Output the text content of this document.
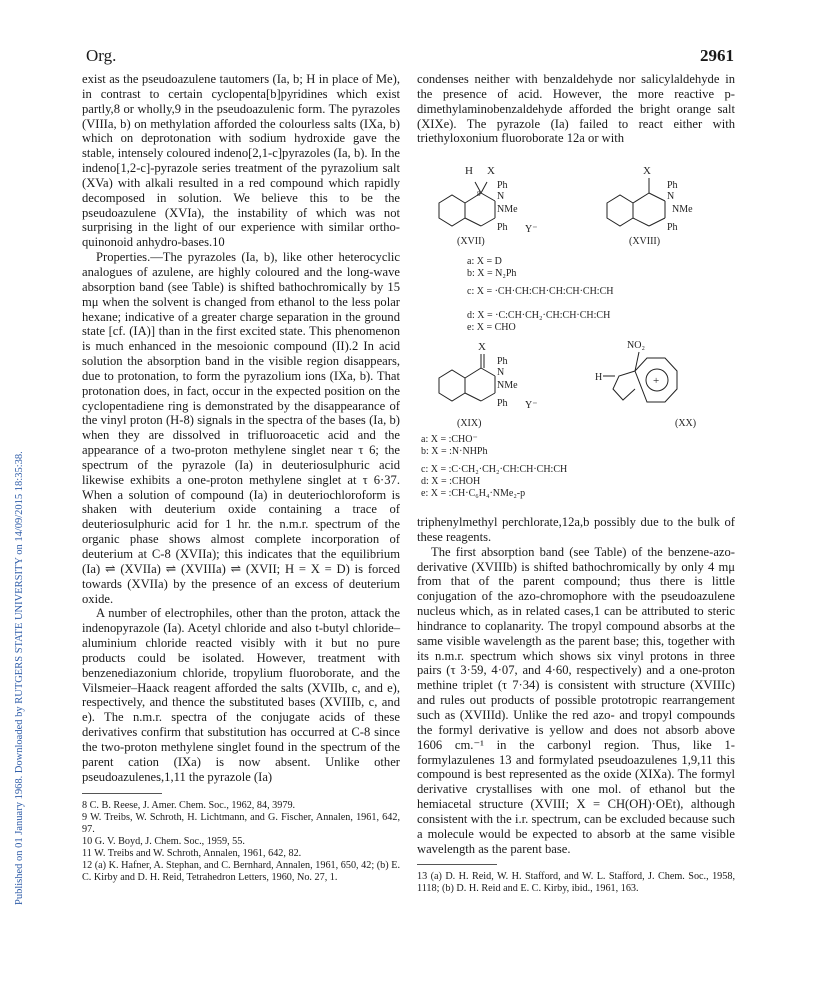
Org.	2961
Published on 01 January 1968. Downloaded by RUTGERS STATE UNIVERSITY on 14/09/2015 18:35:38.

exist as the pseudoazulene tautomers (Ia, b; H in place of Me), in contrast to certain cyclopenta[b]pyridines which exist partly,8 or wholly,9 in the pseudoazulenic form. The pyrazoles (VIIIa, b) on methylation afforded the colourless salts (IXa, b) which on deprotonation with sodium hydroxide gave the stable, intensely coloured indeno[2,1-c]pyrazoles (Ia, b). In the indeno[1,2-c]-pyrazole series treatment of the pyrazolium salt (XVa) with alkali resulted in a red compound which rapidly decomposed in solution. We believe this to be the pseudoazulene (XVIa), the instability of which was not surprising in the light of our experience with similar ortho-quinonoid anhydro-bases.10

Properties.—The pyrazoles (Ia, b), like other heterocyclic analogues of azulene, are highly coloured and the long-wave absorption band (see Table) is shifted bathochromically by 15 mμ when the solvent is changed from ethanol to the less polar hexane; indicative of a greater charge separation in the ground state [cf. (IA)] than in the first excited state. This phenomenon is much enhanced in the mesoionic compound (II).2 In acid solution the absorption band in the visible region disappears, due to protonation, to form the pyrazolium ions (IXa, b). That protonation does, in fact, occur in the expected position on the cyclopentadiene ring is demonstrated by the disappearance of the vinyl proton (H-8) signals in the spectra of the bases (Ia, b) when they are dissolved in trifluoroacetic acid and the appearance of a two-proton methylene singlet near τ 6; the spectrum of the pyrazole (Ia) in deuteriosulphuric acid likewise exhibits a one-proton methylene singlet at τ 6·37. When a solution of compound (Ia) in deuteriochloroform is shaken with deuterium oxide containing a trace of deuteriosulphuric acid for 1 hr. the n.m.r. spectrum of the organic phase shows almost complete incorporation of deuterium at C-8 (XVIIa); this indicates that the equilibrium (Ia) ⇌ (XVIIa) ⇌ (XVIIIa) ⇌ (XVII; H = X = D) is forced towards (XVIIa) by the presence of an excess of deuterium oxide.

A number of electrophiles, other than the proton, attack the indenopyrazole (Ia). Acetyl chloride and also t-butyl chloride–aluminium chloride reacted visibly with it but no pure products could be isolated. However, treatment with benzenediazonium chloride, tropylium fluoroborate, and the Vilsmeier–Haack reagent afforded the salts (XVIIb, c, and e), respectively, and thence the substituted bases (XVIIIb, c, and e). The n.m.r. spectra of the conjugate acids of these derivatives confirm that substitution has occurred at C-8 since the two-proton methylene singlet found in the spectrum of the parent cation (IXa) is now absent. Unlike other pseudoazulenes,1,11 the pyrazole (Ia)

8 C. B. Reese, J. Amer. Chem. Soc., 1962, 84, 3979.
9 W. Treibs, W. Schroth, H. Lichtmann, and G. Fischer, Annalen, 1961, 642, 97.
10 G. V. Boyd, J. Chem. Soc., 1959, 55.
11 W. Treibs and W. Schroth, Annalen, 1961, 642, 82.
12 (a) K. Hafner, A. Stephan, and C. Bernhard, Annalen, 1961, 650, 42; (b) E. C. Kirby and D. H. Reid, Tetrahedron Letters, 1960, No. 27, 1.

condenses neither with benzaldehyde nor salicylaldehyde in the presence of acid. However, the more reactive p-dimethylaminobenzaldehyde afforded the bright orange salt (XIXe). The pyrazole (Ia) failed to react either with triethyloxonium fluoroborate 12a or with

+
H X
8
Ph
N
NMe
Ph Y⁻
(XVII)
X
Ph
N
NMe
Ph
(XVIII)
a: X = D
b: X = N₂Ph
c: X = ·CH·CH:CH·CH:CH·CH:CH
d: X = ·C:CH·CH₂·CH:CH·CH:CH
e: X = CHO
X
Ph
N
NMe
Ph Y⁻
(XIX)
NO₂
H
(XX)
a: X = :CHO⁻
b: X = :N·NHPh
c: X = :C·CH₂·CH₂·CH:CH·CH:CH
d: X = :CHOH
e: X = :CH·C₆H₄·NMe₂-p

triphenylmethyl perchlorate,12a,b possibly due to the bulk of these reagents.

The first absorption band (see Table) of the benzene-azo-derivative (XVIIIb) is shifted bathochromically by only 4 mμ from that of the parent compound; thus there is little conjugation of the azo-chromophore with the pseudoazulene nucleus which, as in related cases,1 can be attributed to steric hindrance to coplanarity. The tropyl compound absorbs at the same visible wavelength as the parent base; this, together with its n.m.r. spectrum which shows six vinyl protons in three pairs (τ 3·59, 4·07, and 4·60, respectively) and a one-proton methine triplet (τ 7·34) is consistent with structure (XVIIIc) and rules out products of possible prototropic rearrangement such as (XVIIId). Unlike the red azo- and tropyl compounds the formyl derivative is yellow and does not absorb above 1606 cm.⁻¹ in the carbonyl region. Thus, like 1-formylazulenes 13 and formylated pseudoazulenes 1,9,11 this compound is best represented as the oxide (XIXa). The formyl derivative crystallises with one mol. of ethanol but the hemiacetal structure (XVIII; X = CH(OH)·OEt), although consistent with the i.r. spectrum, can be excluded because such a molecule would be expected to absorb at the same visible wavelength as the parent base.

13 (a) D. H. Reid, W. H. Stafford, and W. L. Stafford, J. Chem. Soc., 1958, 1118; (b) D. H. Reid and E. C. Kirby, ibid., 1961, 163.
